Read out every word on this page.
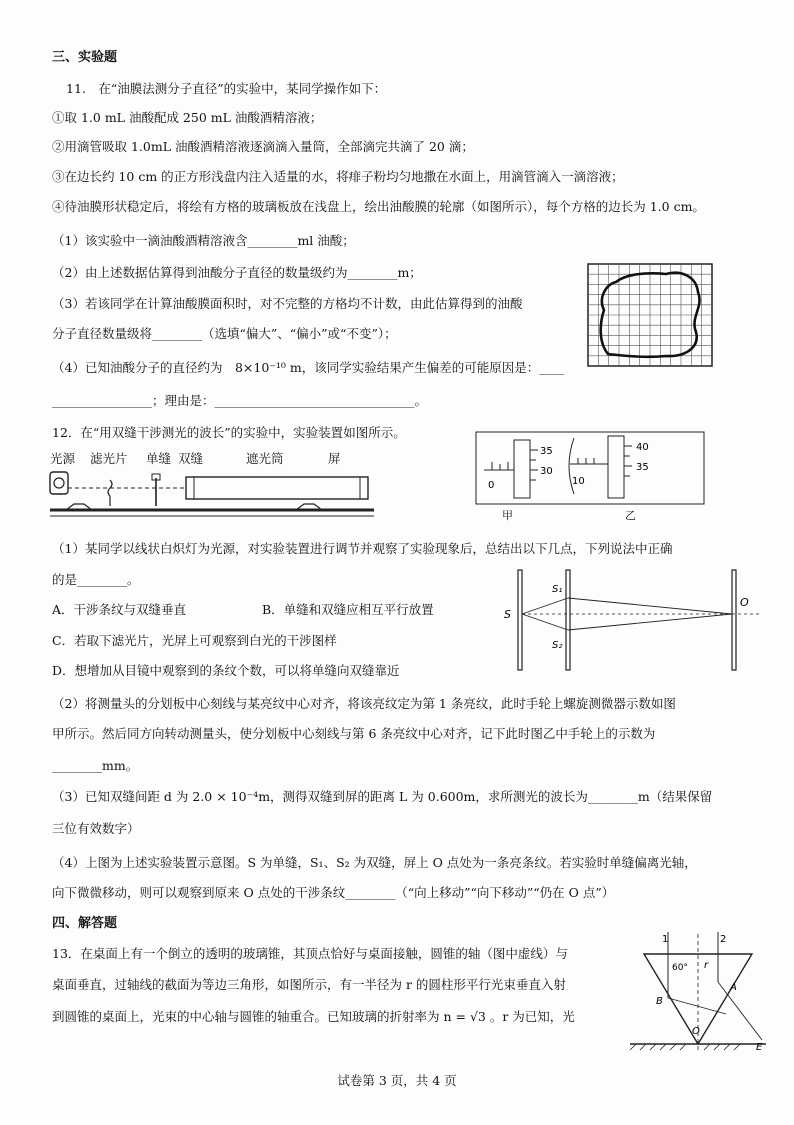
三、实验题
11.　在“油膜法测分子直径”的实验中，某同学操作如下：
①取 1.0 mL 油酸配成 250 mL 油酸酒精溶液；
②用滴管吸取 1.0mL 油酸酒精溶液逐滴滴入量筒，全部滴完共滴了 20 滴；
③在边长约 10 cm 的正方形浅盘内注入适量的水，将痱子粉均匀地撒在水面上，用滴管滴入一滴溶液；
④待油膜形状稳定后，将绘有方格的玻璃板放在浅盘上，绘出油酸膜的轮廓（如图所示），每个方格的边长为 1.0 cm。
（1）该实验中一滴油酸酒精溶液含________ml 油酸；
（2）由上述数据估算得到油酸分子直径的数量级约为________m；
（3）若该同学在计算油酸膜面积时，对不完整的方格均不计数，由此估算得到的油酸
分子直径数量级将________（选填“偏大”、“偏小”或“不变”）；
（4）已知油酸分子的直径约为　8×10⁻¹⁰ m，该同学实验结果产生偏差的可能原因是：____
________________；理由是：________________________________。
12．在“用双缝干涉测光的波长”的实验中，实验装置如图所示。
光源 滤光片 单缝 双缝	遮光筒	屏	35
30
0
40
35
10
甲	乙
（1）某同学以线状白炽灯为光源，对实验装置进行调节并观察了实验现象后，总结出以下几点，下列说法中正确
的是________。
A．干涉条纹与双缝垂直	B．单缝和双缝应相互平行放置
C．若取下滤光片，光屏上可观察到白光的干涉图样
D．想增加从目镜中观察到的条纹个数，可以将单缝向双缝靠近
S
S₁
S₂
O
（2）将测量头的分划板中心刻线与某亮纹中心对齐，将该亮纹定为第 1 条亮纹，此时手轮上螺旋测微器示数如图
甲所示。然后同方向转动测量头，使分划板中心刻线与第 6 条亮纹中心对齐，记下此时图乙中手轮上的示数为
________mm。
（3）已知双缝间距 d 为 2.0 × 10⁻⁴m，测得双缝到屏的距离 L 为 0.600m，求所测光的波长为________m（结果保留
三位有效数字）
（4）上图为上述实验装置示意图。S 为单缝，S₁、S₂ 为双缝，屏上 O 点处为一条亮条纹。若实验时单缝偏离光轴，
向下微微移动，则可以观察到原来 O 点处的干涉条纹________（“向上移动”“向下移动”“仍在 O 点”）
四、解答题
13．在桌面上有一个倒立的透明的玻璃锥，其顶点恰好与桌面接触，圆锥的轴（图中虚线）与
桌面垂直，过轴线的截面为等边三角形，如图所示，有一半径为 r 的圆柱形平行光束垂直入射
到圆锥的桌面上，光束的中心轴与圆锥的轴重合。已知玻璃的折射率为 n = √3 。r 为已知，光
1	2
60° r
A
B
O
E
试卷第 3 页，共 4 页
